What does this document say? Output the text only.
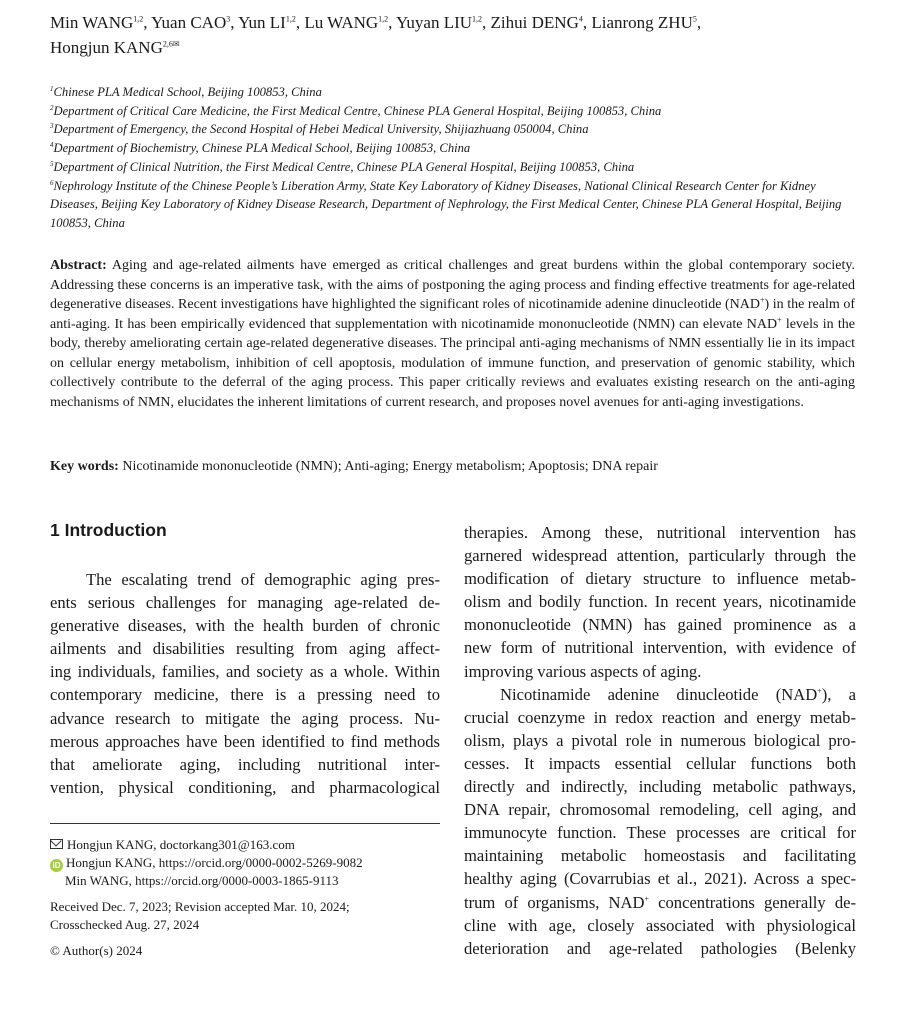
Min WANG$^{1,2}$, Yuan CAO$^3$, Yun LI$^{1,2}$, Lu WANG$^{1,2}$, Yuyan LIU$^{1,2}$, Zihui DENG$^4$, Lianrong ZHU$^5$,
Hongjun $KANG^{2,6✉}$
$^1$Chinese PLA Medical School, Beijing 100853, China
$^2$Department of Critical Care Medicine, the First Medical Centre, Chinese PLA General Hospital, Beijing 100853, China
$^3$Department of Emergency, the Second Hospital of Hebei Medical University, Shijiazhuang 050004, China
$^4$Department of Biochemistry, Chinese PLA Medical School, Beijing 100853, China
$^5$Department of Clinical Nutrition, the First Medical Centre, Chinese PLA General Hospital, Beijing 100853, China
$^6$Nephrology Institute of the Chinese People’s Liberation Army, State Key Laboratory of Kidney Diseases, National Clinical Research Center for Kidney Diseases, Beijing Key Laboratory of Kidney Disease Research, Department of Nephrology, the First Medical Center, Chinese PLA General Hospital, Beijing 100853, China
Abstract: Aging and age-related ailments have emerged as critical challenges and great burdens within the global contemporary society. Addressing these concerns is an imperative task, with the aims of postponing the aging process and finding effective treatments for age-related degenerative diseases. Recent investigations have highlighted the significant roles of nicotinamide adenine dinucleotide (NAD+) in the realm of anti-aging. It has been empirically evidenced that supplementation with nicotinamide mononucleotide (NMN) can elevate NAD+ levels in the body, thereby ameliorating certain age-related degenerative diseases. The principal anti-aging mechanisms of NMN essentially lie in its impact on cellular energy metabolism, inhibition of cell apoptosis, modulation of immune function, and preservation of genomic stability, which collectively contribute to the deferral of the aging process. This paper critically reviews and evaluates existing research on the anti-aging mechanisms of NMN, elucidates the inherent limitations of current research, and proposes novel avenues for anti-aging investigations.
Key words: Nicotinamide mononucleotide (NMN); Anti-aging; Energy metabolism; Apoptosis; DNA repair
1 Introduction
The escalating trend of demographic aging pres-
ents serious challenges for managing age-related de-
generative diseases, with the health burden of chronic
ailments and disabilities resulting from aging affect-
ing individuals, families, and society as a whole. Within
contemporary medicine, there is a pressing need to
advance research to mitigate the aging process. Nu-
merous approaches have been identified to find methods
that ameliorate aging, including nutritional inter-
vention, physical conditioning, and pharmacological
therapies. Among these, nutritional intervention has
garnered widespread attention, particularly through the
modification of dietary structure to influence metab-
olism and bodily function. In recent years, nicotinamide
mononucleotide (NMN) has gained prominence as a
new form of nutritional intervention, with evidence of
improving various aspects of aging.
Nicotinamide adenine dinucleotide (NAD+), a
crucial coenzyme in redox reaction and energy metab-
olism, plays a pivotal role in numerous biological pro-
cesses. It impacts essential cellular functions both
directly and indirectly, including metabolic pathways,
DNA repair, chromosomal remodeling, cell aging, and
immunocyte function. These processes are critical for
maintaining metabolic homeostasis and facilitating
healthy aging (Covarrubias et al., 2021). Across a spec-
trum of organisms, NAD+ concentrations generally de-
cline with age, closely associated with physiological
deterioration and age-related pathologies (Belenky
Hongjun KANG, doctorkang301@163.com
iD Hongjun KANG, https://orcid.org/0000-0002-5269-9082
Min WANG, https://orcid.org/0000-0003-1865-9113
Received Dec. 7, 2023; Revision accepted Mar. 10, 2024;
Crosschecked Aug. 27, 2024
© Author(s) 2024
